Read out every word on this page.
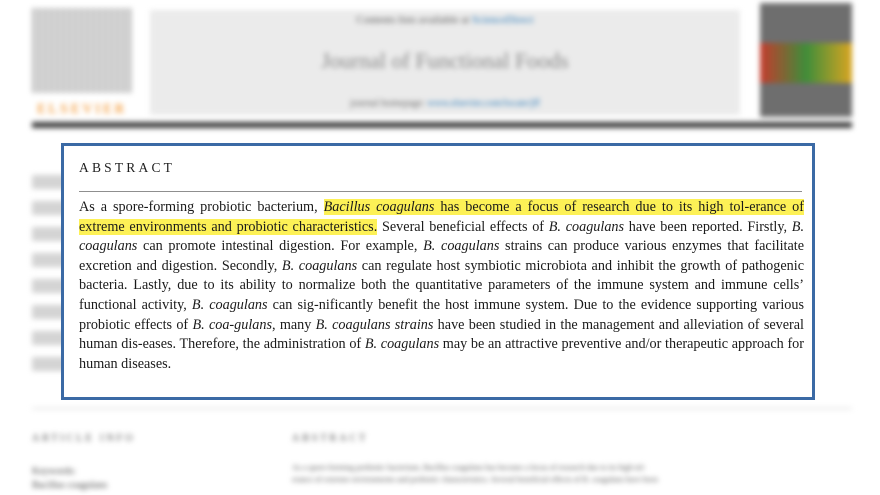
ELSEVIER
Contents lists available at ScienceDirect
Journal of Functional Foods
journal homepage: www.elsevier.com/locate/jff
ARTICLE INFO	ABSTRACT
Keywords:
Bacillus coagulans
As a spore-forming probiotic bacterium, Bacillus coagulans has become a focus of research due to its high tol-
erance of extreme environments and probiotic characteristics. Several beneficial effects of B. coagulans have been
ABSTRACT
As a spore-forming probiotic bacterium, Bacillus coagulans has become a focus of research due to its high tol-erance of extreme environments and probiotic characteristics. Several beneficial effects of B. coagulans have been reported. Firstly, B. coagulans can promote intestinal digestion. For example, B. coagulans strains can produce various enzymes that facilitate excretion and digestion. Secondly, B. coagulans can regulate host symbiotic microbiota and inhibit the growth of pathogenic bacteria. Lastly, due to its ability to normalize both the quantitative parameters of the immune system and immune cells’ functional activity, B. coagulans can sig-nificantly benefit the host immune system. Due to the evidence supporting various probiotic effects of B. coa-gulans, many B. coagulans strains have been studied in the management and alleviation of several human dis-eases. Therefore, the administration of B. coagulans may be an attractive preventive and/or therapeutic approach for human diseases.
